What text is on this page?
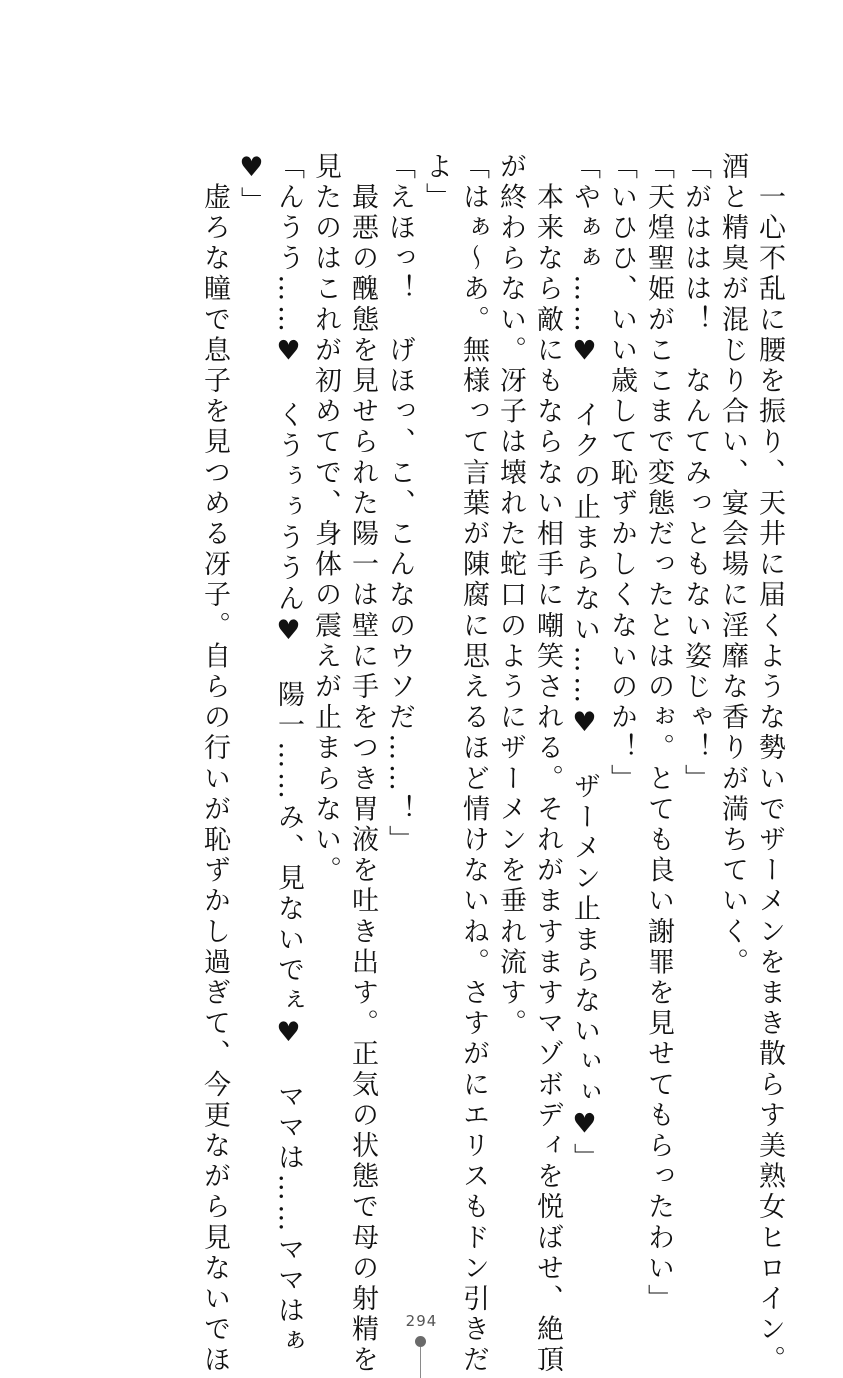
　一心不乱に腰を振り、天井に届くような勢いでザーメンをまき散らす美熟女ヒロイン。
酒と精臭が混じり合い、宴会場に淫靡な香りが満ちていく。
「がははは！　なんてみっともない姿じゃ！」
「天煌聖姫がここまで変態だったとはのぉ。とても良い謝罪を見せてもらったわい」
「いひひ、いい歳して恥ずかしくないのか！」
「やぁぁ……♥　イクの止まらない……♥　ザーメン止まらないぃぃ♥」
　本来なら敵にもならない相手に嘲笑される。それがますますマゾボディを悦ばせ、絶頂
が終わらない。冴子は壊れた蛇口のようにザーメンを垂れ流す。
「はぁ〜あ。無様って言葉が陳腐に思えるほど情けないね。さすがにエリスもドン引きだ
よ」
「えほっ！　げほっ、こ、こんなのウソだ……！」
　最悪の醜態を見せられた陽一は壁に手をつき胃液を吐き出す。正気の状態で母の射精を
見たのはこれが初めてで、身体の震えが止まらない。
「んうう……♥　くうぅぅううん♥　陽一……み、見ないでぇ♥　ママは……ママはぁ
♥」
　虚ろな瞳で息子を見つめる冴子。自らの行いが恥ずかし過ぎて、今更ながら見ないでほ	294
